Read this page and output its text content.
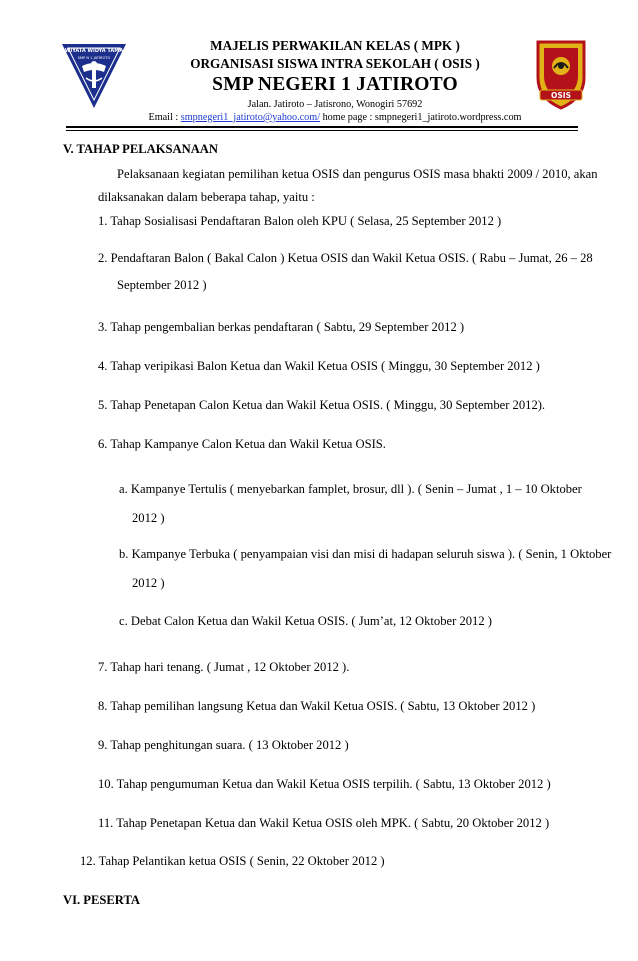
WIYATA WIDYA TAMA
SMP N 1 JATIROTO
MAJELIS PERWAKILAN KELAS ( MPK )
ORGANISASI SISWA INTRA SEKOLAH ( OSIS )
SMP NEGERI 1 JATIROTO
Jalan. Jatiroto – Jatisrono, Wonogiri 57692
Email : smpnegeri1_jatiroto@yahoo.com/ home page : smpnegeri1_jatiroto.wordpress.com
OSIS
V. TAHAP PELAKSANAAN
Pelaksanaan kegiatan pemilihan ketua OSIS dan pengurus OSIS masa bhakti 2009 / 2010, akan
dilaksanakan dalam beberapa tahap, yaitu :
1. Tahap Sosialisasi Pendaftaran Balon oleh KPU ( Selasa, 25 September 2012 )
2. Pendaftaran Balon ( Bakal Calon ) Ketua OSIS dan Wakil Ketua OSIS. ( Rabu – Jumat, 26 – 28
September 2012 )
3. Tahap pengembalian berkas pendaftaran ( Sabtu, 29 September 2012 )
4. Tahap veripikasi Balon Ketua dan Wakil Ketua OSIS ( Minggu, 30 September 2012 )
5. Tahap Penetapan Calon Ketua dan Wakil Ketua OSIS. ( Minggu, 30 September 2012).
6. Tahap Kampanye Calon Ketua dan Wakil Ketua OSIS.
a. Kampanye Tertulis ( menyebarkan famplet, brosur, dll ). ( Senin – Jumat , 1 – 10 Oktober
2012 )
b. Kampanye Terbuka ( penyampaian visi dan misi di hadapan seluruh siswa ). ( Senin, 1 Oktober
2012 )
c. Debat Calon Ketua dan Wakil Ketua OSIS. ( Jum’at, 12 Oktober 2012 )
7. Tahap hari tenang. ( Jumat , 12 Oktober 2012 ).
8. Tahap pemilihan langsung Ketua dan Wakil Ketua OSIS. ( Sabtu, 13 Oktober 2012 )
9. Tahap penghitungan suara. ( 13 Oktober 2012 )
10. Tahap pengumuman Ketua dan Wakil Ketua OSIS terpilih. ( Sabtu, 13 Oktober 2012 )
11. Tahap Penetapan Ketua dan Wakil Ketua OSIS oleh MPK. ( Sabtu, 20 Oktober 2012 )
12. Tahap Pelantikan ketua OSIS ( Senin, 22 Oktober 2012 )
VI. PESERTA
